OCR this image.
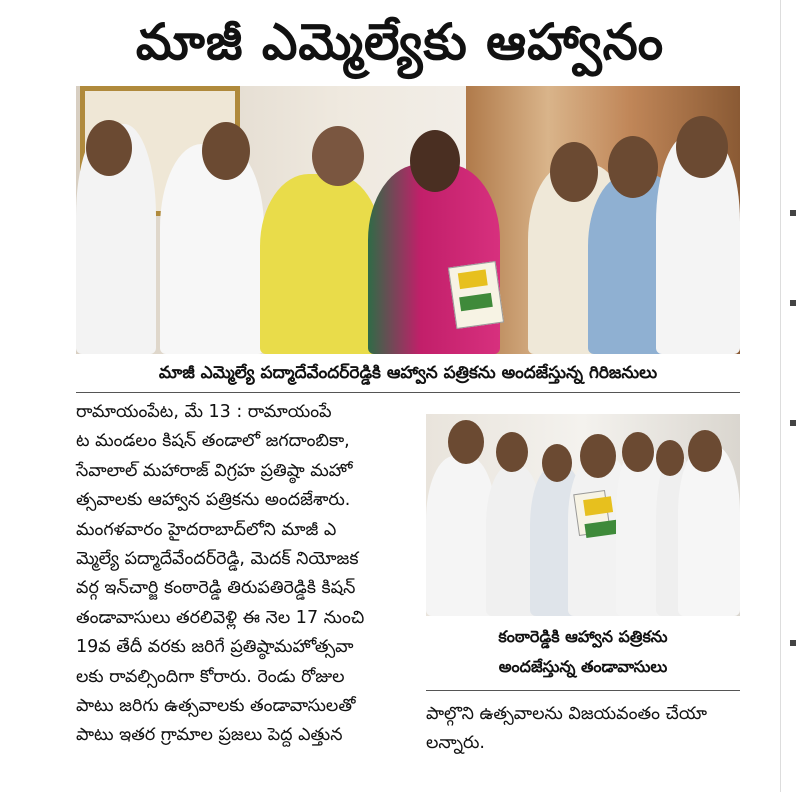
మాజీ ఎమ్మెల్యేకు ఆహ్వానం
మాజీ ఎమ్మెల్యే పద్మాదేవేందర్‌రెడ్డికి ఆహ్వాన పత్రికను అందజేస్తున్న గిరిజనులు

రామాయంపేట, మే 13 : రామాయంపే
ట మండలం కిషన్ తండాలో జగదాంబికా,
సేవాలాల్ మహారాజ్ విగ్రహ ప్రతిష్ఠా మహో
త్సవాలకు ఆహ్వాన పత్రికను అందజేశారు.
మంగళవారం హైదరాబాద్‌లోని మాజీ ఎ
మ్మెల్యే పద్మాదేవేందర్‌రెడ్డి, మెదక్ నియోజక
వర్గ ఇన్‌చార్జి కంఠారెడ్డి తిరుపతిరెడ్డికి కిషన్
తండావాసులు తరలివెళ్లి ఈ నెల 17 నుంచి
19వ తేదీ వరకు జరిగే ప్రతిష్ఠామహోత్సవా
లకు రావల్సిందిగా కోరారు. రెండు రోజుల
పాటు జరిగు ఉత్సవాలకు తండావాసులతో
పాటు ఇతర గ్రామాల ప్రజలు పెద్ద ఎత్తున

కంఠారెడ్డికి ఆహ్వాన పత్రికను
అందజేస్తున్న తండావాసులు

పాల్గొని ఉత్సవాలను విజయవంతం చేయా
లన్నారు.
